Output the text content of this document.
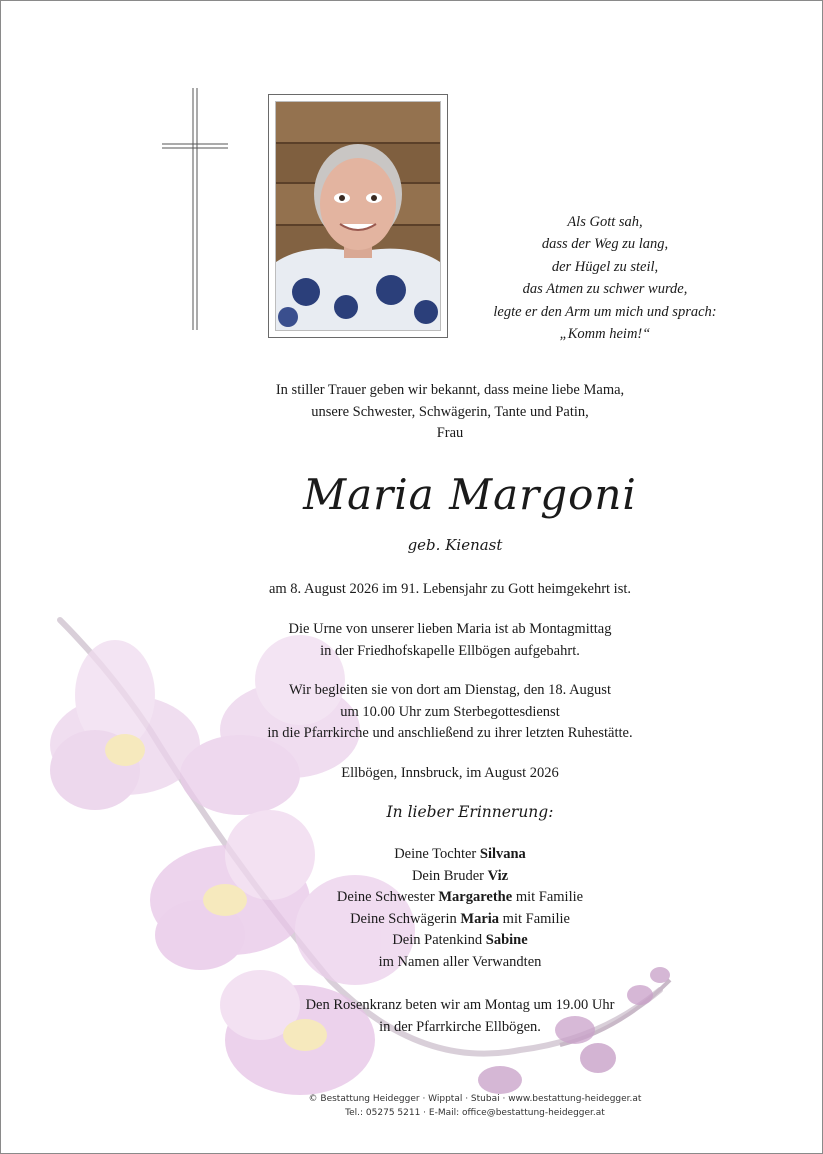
Als Gott sah,
dass der Weg zu lang,
der Hügel zu steil,
das Atmen zu schwer wurde,
legte er den Arm um mich und sprach:
„Komm heim!“
In stiller Trauer geben wir bekannt, dass meine liebe Mama,
unsere Schwester, Schwägerin, Tante und Patin,
Frau
Maria Margoni
geb. Kienast
am 8. August 2026 im 91. Lebensjahr zu Gott heimgekehrt ist.
Die Urne von unserer lieben Maria ist ab Montagmittag
in der Friedhofskapelle Ellbögen aufgebahrt.
Wir begleiten sie von dort am Dienstag, den 18. August
um 10.00 Uhr zum Sterbegottesdienst
in die Pfarrkirche und anschließend zu ihrer letzten Ruhestätte.
Ellbögen, Innsbruck, im August 2026
In lieber Erinnerung:
Deine Tochter Silvana
Dein Bruder Viz
Deine Schwester Margarethe mit Familie
Deine Schwägerin Maria mit Familie
Dein Patenkind Sabine
im Namen aller Verwandten
Den Rosenkranz beten wir am Montag um 19.00 Uhr
in der Pfarrkirche Ellbögen.
© Bestattung Heidegger · Wipptal · Stubai · www.bestattung-heidegger.at
Tel.: 05275 5211 · E-Mail: office@bestattung-heidegger.at
